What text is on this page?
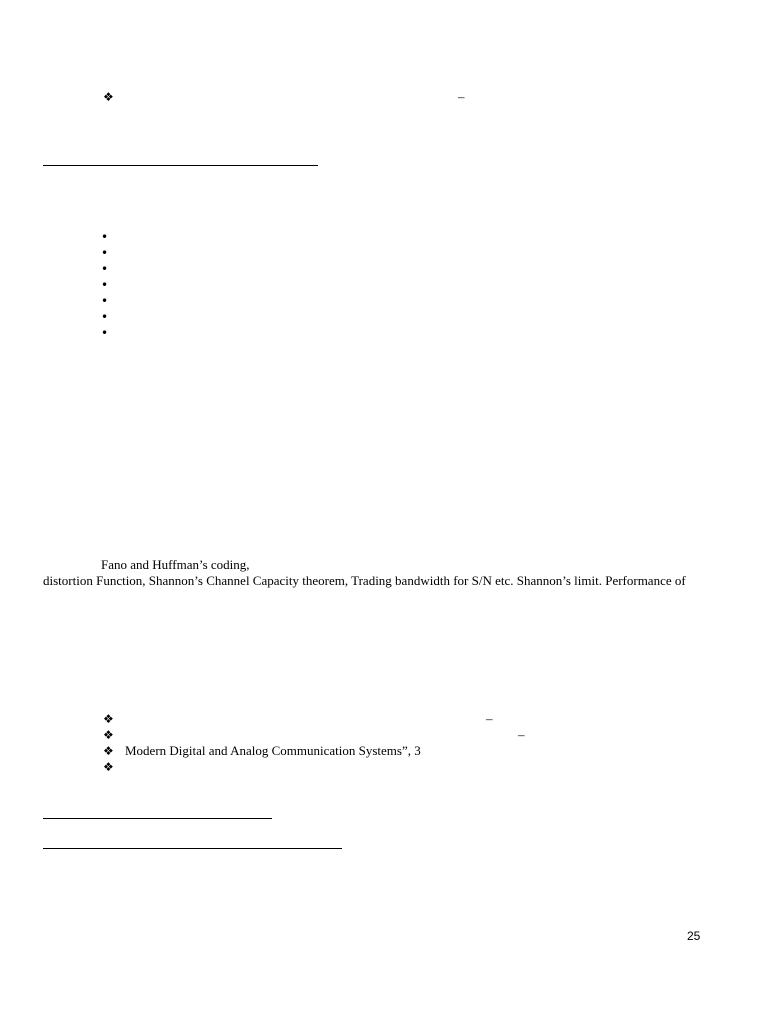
❖	–
•
•
•
•
•
•
•
Fano and Huffman’s coding,
distortion Function, Shannon’s Channel Capacity theorem, Trading bandwidth for S/N etc. Shannon’s limit. Performance of
❖	–
❖	–
❖ Modern Digital and Analog Communication Systems”, 3
❖
25
